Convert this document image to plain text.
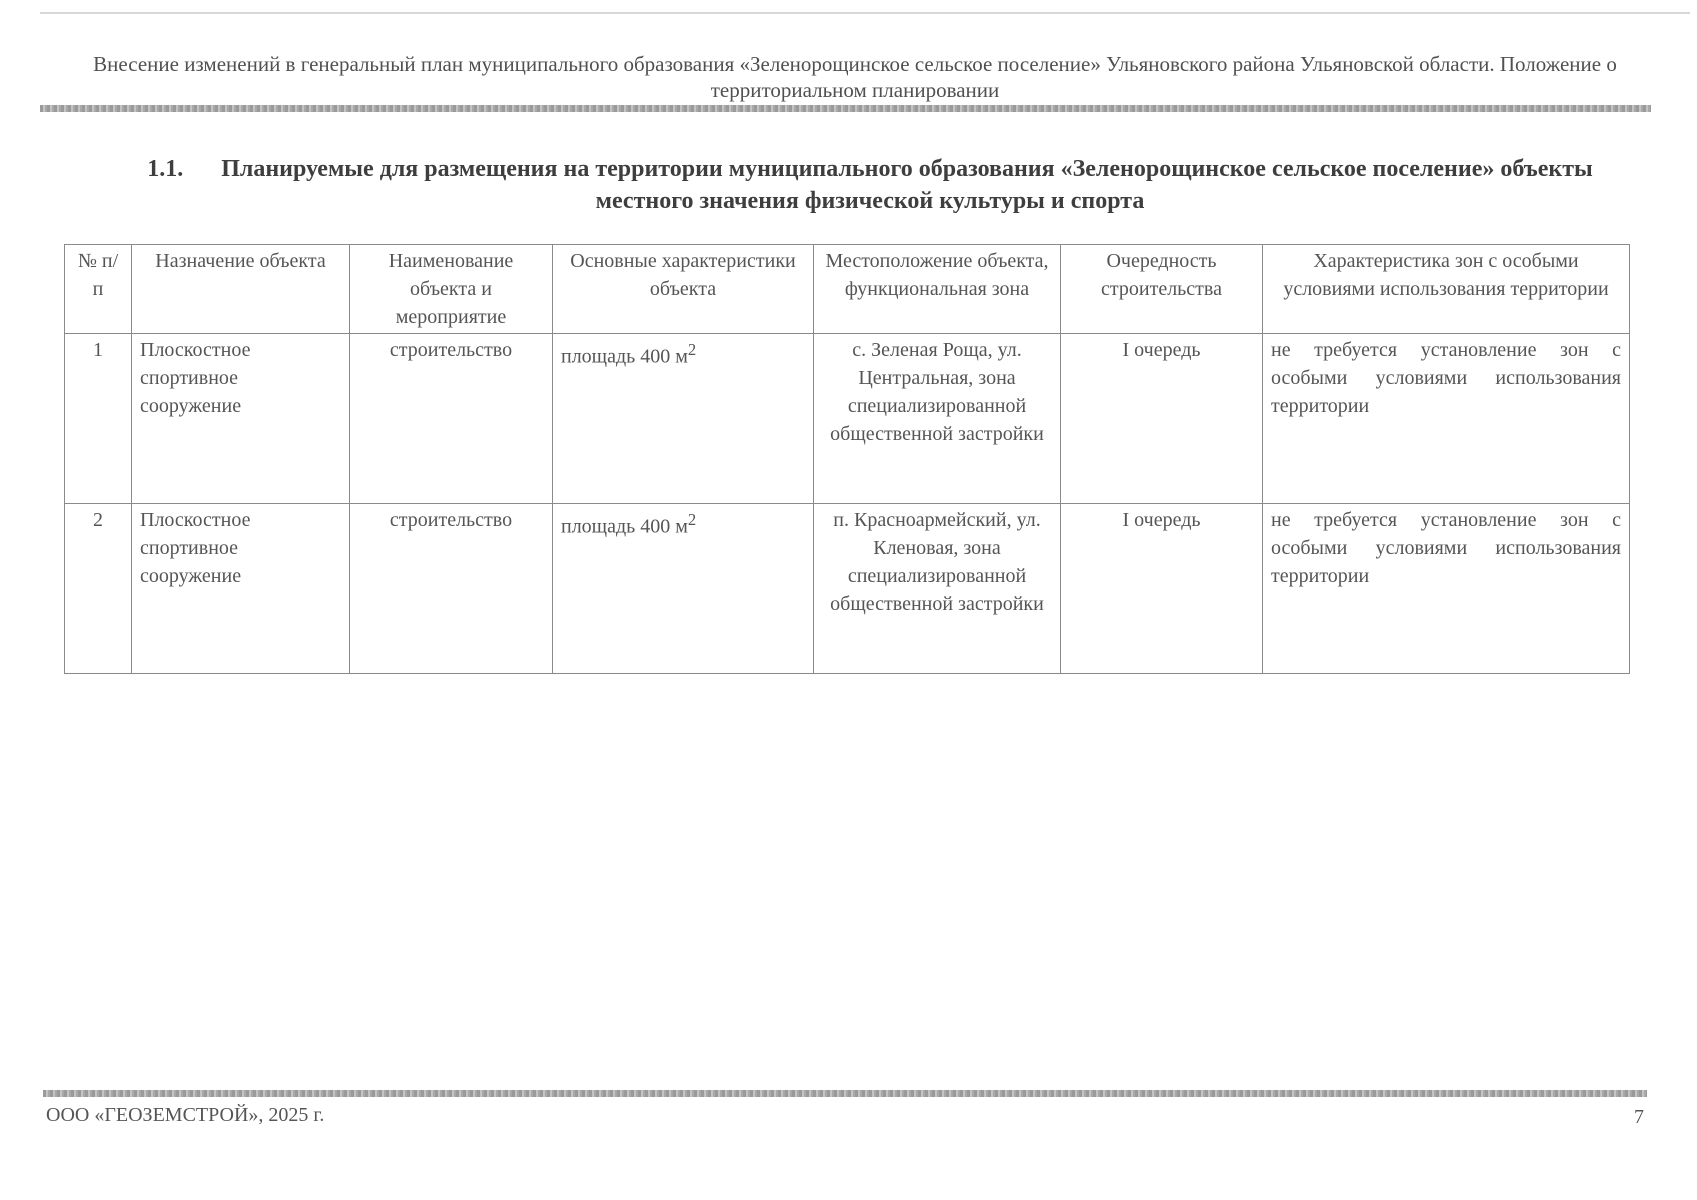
Внесение изменений в генеральный план муниципального образования «Зеленорощинское сельское поселение» Ульяновского района Ульяновской области. Положение о территориальном планировании
1.1. Планируемые для размещения на территории муниципального образования «Зеленорощинское сельское поселение» объекты местного значения физической культуры и спорта
№ п/п	Назначение объекта	Наименование объекта и мероприятие	Основные характеристики объекта	Местоположение объекта, функциональная зона	Очередность строительства	Характеристика зон с особыми условиями использования территории
1	Плоскостное спортивное сооружение	строительство	площадь 400 $м^2$	с. Зеленая Роща, ул. Центральная, зона специализированной общественной застройки	I очередь	не требуется установление зон с особыми условиями использования территории
2	Плоскостное спортивное сооружение	строительство	площадь 400 $м^2$	п. Красноармейский, ул. Кленовая, зона специализированной общественной застройки	I очередь	не требуется установление зон с особыми условиями использования территории
ООО «ГЕОЗЕМСТРОЙ», 2025 г.	7
